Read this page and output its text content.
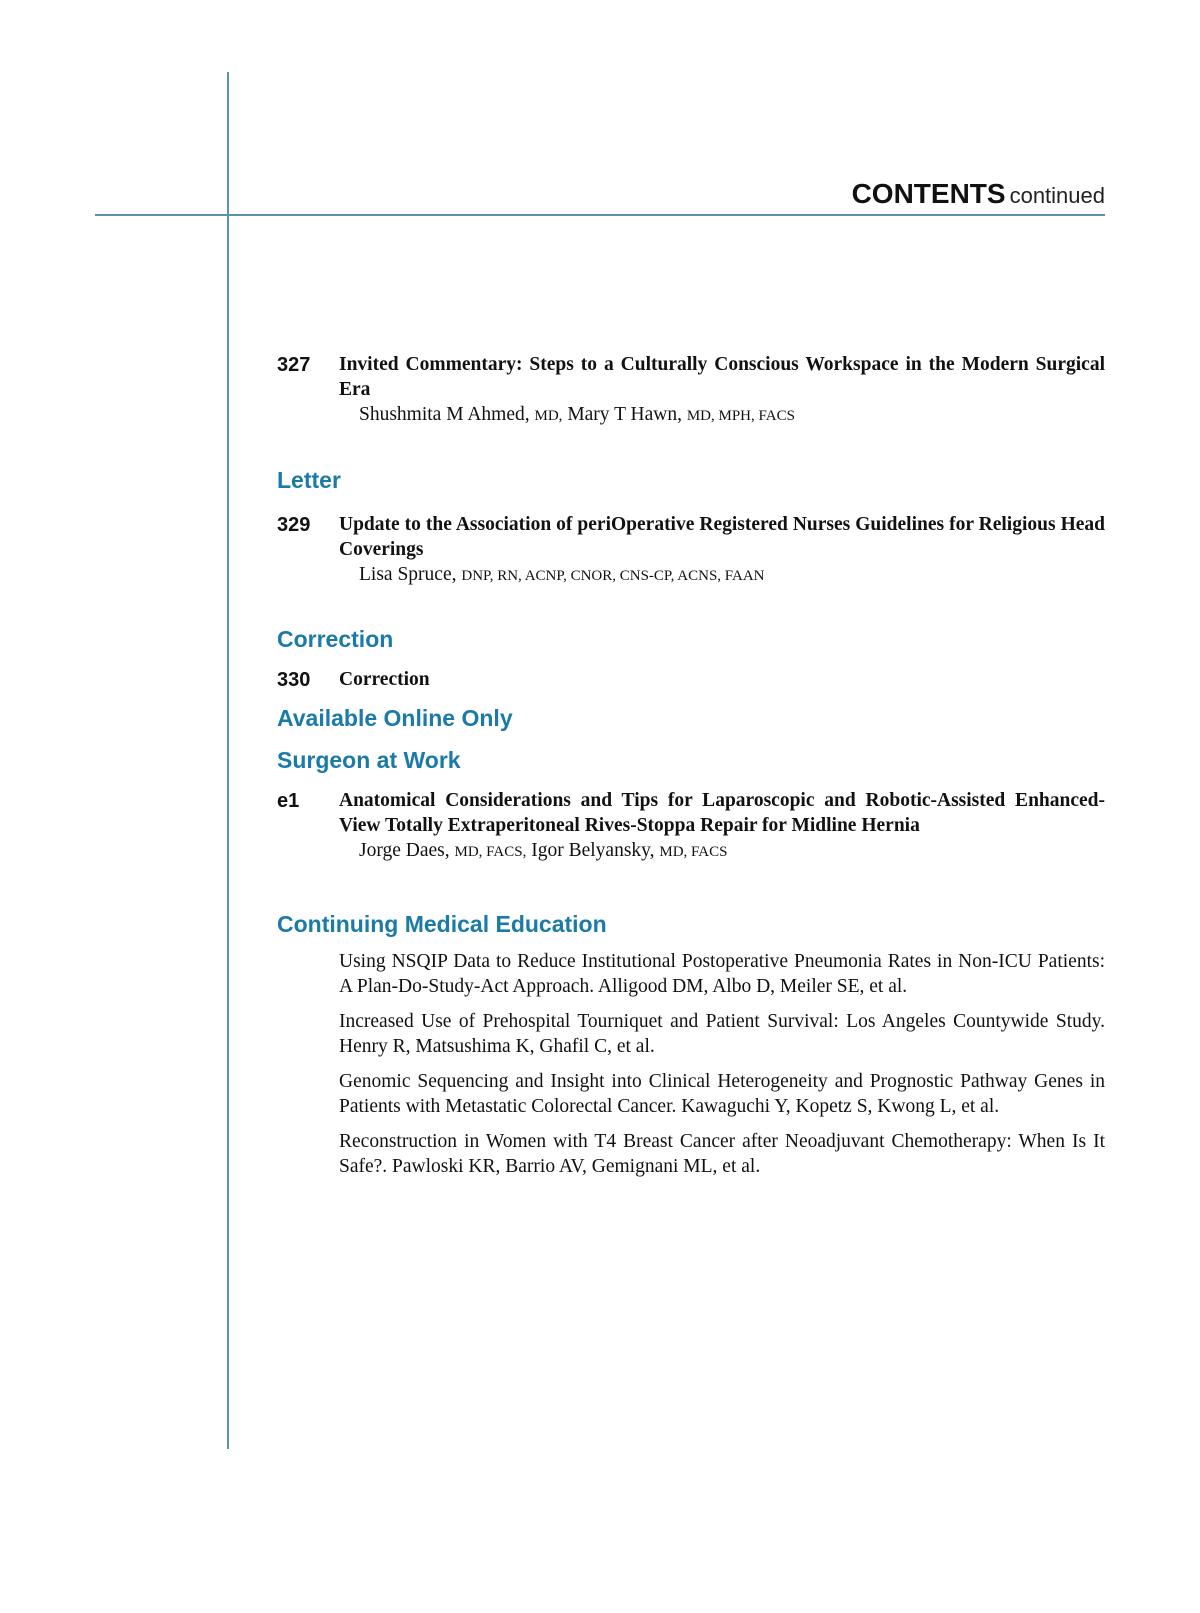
CONTENTS continued
327 Invited Commentary: Steps to a Culturally Conscious Workspace in the Modern Surgical Era
Shushmita M Ahmed, MD, Mary T Hawn, MD, MPH, FACS
Letter
329 Update to the Association of periOperative Registered Nurses Guidelines for Religious Head Coverings
Lisa Spruce, DNP, RN, ACNP, CNOR, CNS-CP, ACNS, FAAN
Correction
330 Correction
Available Online Only
Surgeon at Work
e1 Anatomical Considerations and Tips for Laparoscopic and Robotic-Assisted Enhanced-View Totally Extraperitoneal Rives-Stoppa Repair for Midline Hernia
Jorge Daes, MD, FACS, Igor Belyansky, MD, FACS
Continuing Medical Education
Using NSQIP Data to Reduce Institutional Postoperative Pneumonia Rates in Non-ICU Patients: A Plan-Do-Study-Act Approach. Alligood DM, Albo D, Meiler SE, et al.
Increased Use of Prehospital Tourniquet and Patient Survival: Los Angeles Countywide Study. Henry R, Matsushima K, Ghafil C, et al.
Genomic Sequencing and Insight into Clinical Heterogeneity and Prognostic Pathway Genes in Patients with Metastatic Colorectal Cancer. Kawaguchi Y, Kopetz S, Kwong L, et al.
Reconstruction in Women with T4 Breast Cancer after Neoadjuvant Chemotherapy: When Is It Safe?. Pawloski KR, Barrio AV, Gemignani ML, et al.
